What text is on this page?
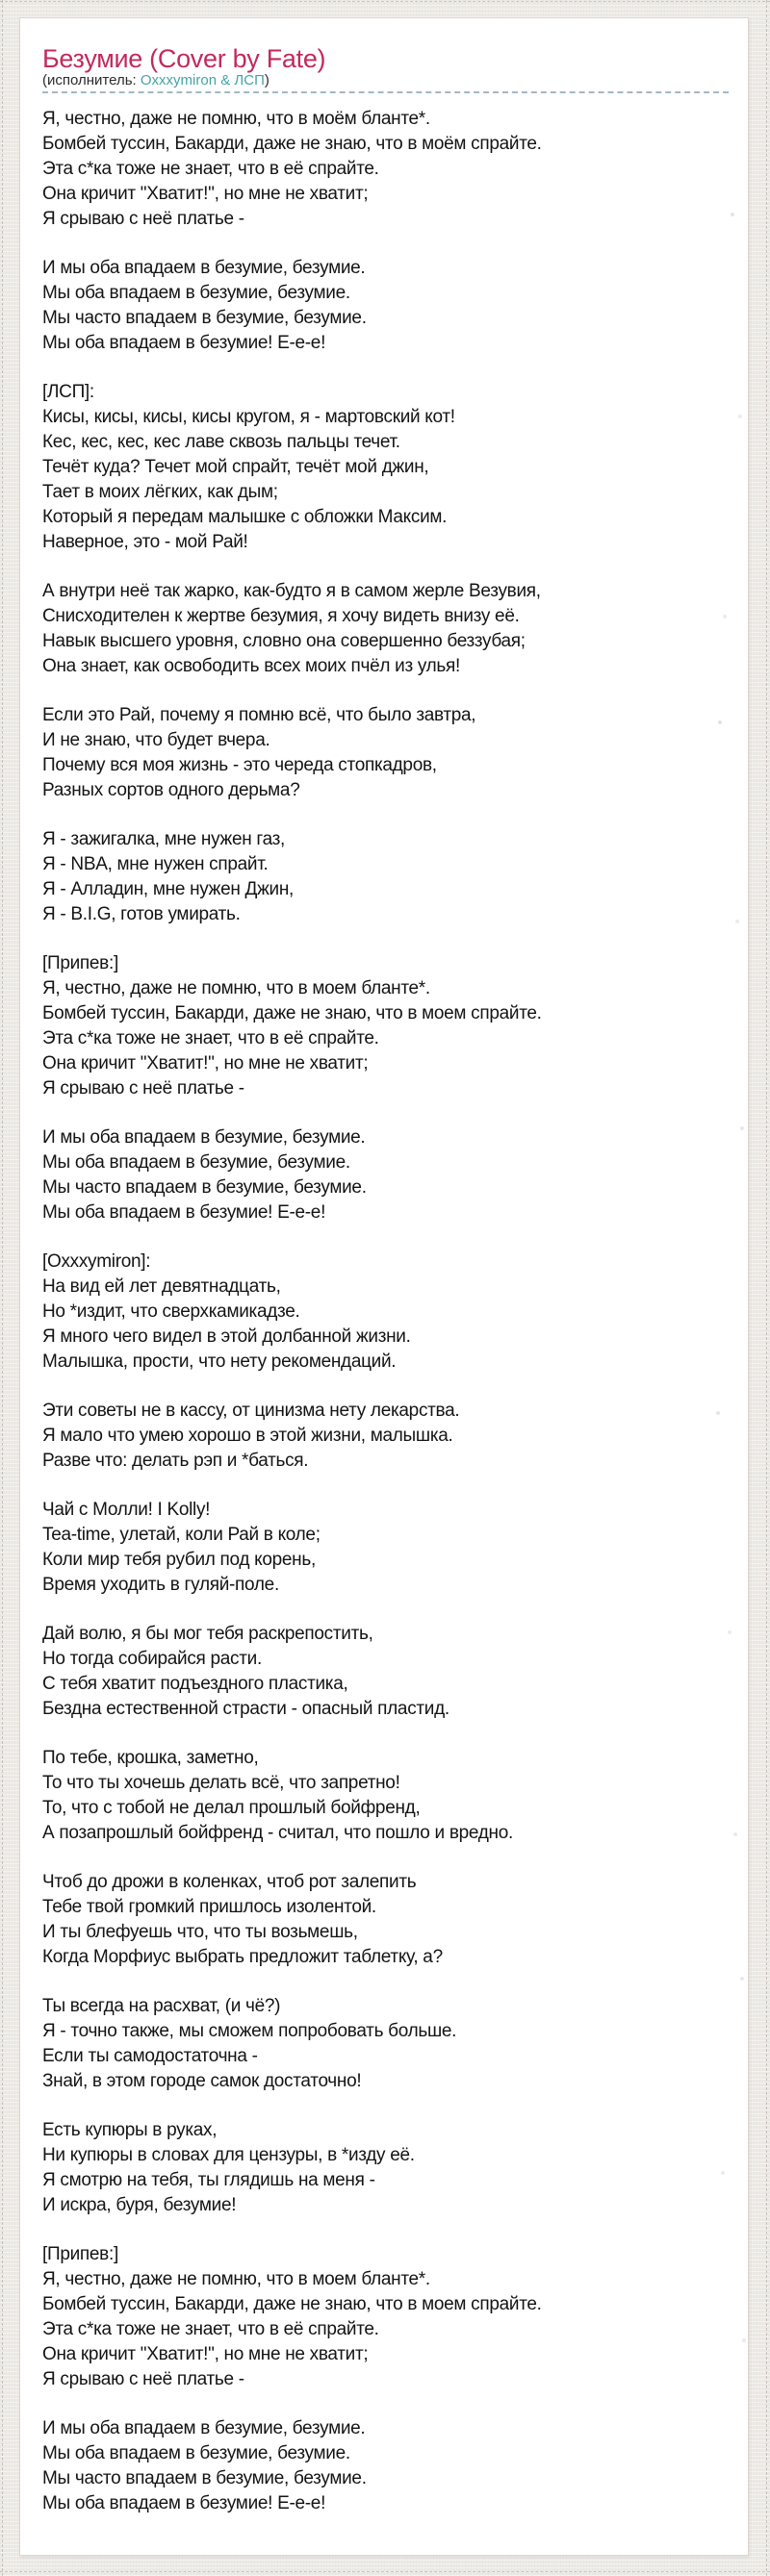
Безумие (Cover by Fate)
(исполнитель: Oxxxymiron & ЛСП)

Я, честно, даже не помню, что в моём бланте*.
Бомбей туссин, Бакарди, даже не знаю, что в моём спрайте.
Эта с*ка тоже не знает, что в её спрайте.
Она кричит "Хватит!", но мне не хватит;
Я срываю с неё платье -

И мы оба впадаем в безумие, безумие.
Мы оба впадаем в безумие, безумие.
Мы часто впадаем в безумие, безумие.
Мы оба впадаем в безумие! Е-е-е!

[ЛСП]:
Кисы, кисы, кисы, кисы кругом, я - мартовский кот!
Кес, кес, кес, кес лаве сквозь пальцы течет.
Течёт куда? Течет мой спрайт, течёт мой джин,
Тает в моих лёгких, как дым;
Который я передам малышке с обложки Максим.
Наверное, это - мой Рай!

А внутри неё так жарко, как-будто я в самом жерле Везувия,
Снисходителен к жертве безумия, я хочу видеть внизу её.
Навык высшего уровня, словно она совершенно беззубая;
Она знает, как освободить всех моих пчёл из улья!

Если это Рай, почему я помню всё, что было завтра,
И не знаю, что будет вчера.
Почему вся моя жизнь - это череда стопкадров,
Разных сортов одного дерьма?

Я - зажигалка, мне нужен газ,
Я - NBA, мне нужен спрайт.
Я - Алладин, мне нужен Джин,
Я - B.I.G, готов умирать.

[Припев:]
Я, честно, даже не помню, что в моем бланте*.
Бомбей туссин, Бакарди, даже не знаю, что в моем спрайте.
Эта с*ка тоже не знает, что в её спрайте.
Она кричит "Хватит!", но мне не хватит;
Я срываю с неё платье -

И мы оба впадаем в безумие, безумие.
Мы оба впадаем в безумие, безумие.
Мы часто впадаем в безумие, безумие.
Мы оба впадаем в безумие! Е-е-е!

[Oxxxymiron]:
На вид ей лет девятнадцать,
Но *издит, что сверхкамикадзе.
Я много чего видел в этой долбанной жизни.
Малышка, прости, что нету рекомендаций.

Эти советы не в кассу, от цинизма нету лекарства.
Я мало что умею хорошо в этой жизни, малышка.
Разве что: делать рэп и *баться.

Чай с Молли! I Kolly!
Tea-time, улетай, коли Рай в коле;
Коли мир тебя рубил под корень,
Время уходить в гуляй-поле.

Дай волю, я бы мог тебя раскрепостить,
Но тогда собирайся расти.
С тебя хватит подъездного пластика,
Бездна естественной страсти - опасный пластид.

По тебе, крошка, заметно,
То что ты хочешь делать всё, что запретно!
То, что с тобой не делал прошлый бойфренд,
А позапрошлый бойфренд - считал, что пошло и вредно.

Чтоб до дрожи в коленках, чтоб рот залепить
Тебе твой громкий пришлось изолентой.
И ты блефуешь что, что ты возьмешь,
Когда Морфиус выбрать предложит таблетку, а?

Ты всегда на расхват, (и чё?)
Я - точно также, мы сможем попробовать больше.
Если ты самодостаточна -
Знай, в этом городе самок достаточно!

Есть купюры в руках,
Ни купюры в словах для цензуры, в *изду её.
Я смотрю на тебя, ты глядишь на меня -
И искра, буря, безумие!

[Припев:]
Я, честно, даже не помню, что в моем бланте*.
Бомбей туссин, Бакарди, даже не знаю, что в моем спрайте.
Эта с*ка тоже не знает, что в её спрайте.
Она кричит "Хватит!", но мне не хватит;
Я срываю с неё платье -

И мы оба впадаем в безумие, безумие.
Мы оба впадаем в безумие, безумие.
Мы часто впадаем в безумие, безумие.
Мы оба впадаем в безумие! Е-е-е!
